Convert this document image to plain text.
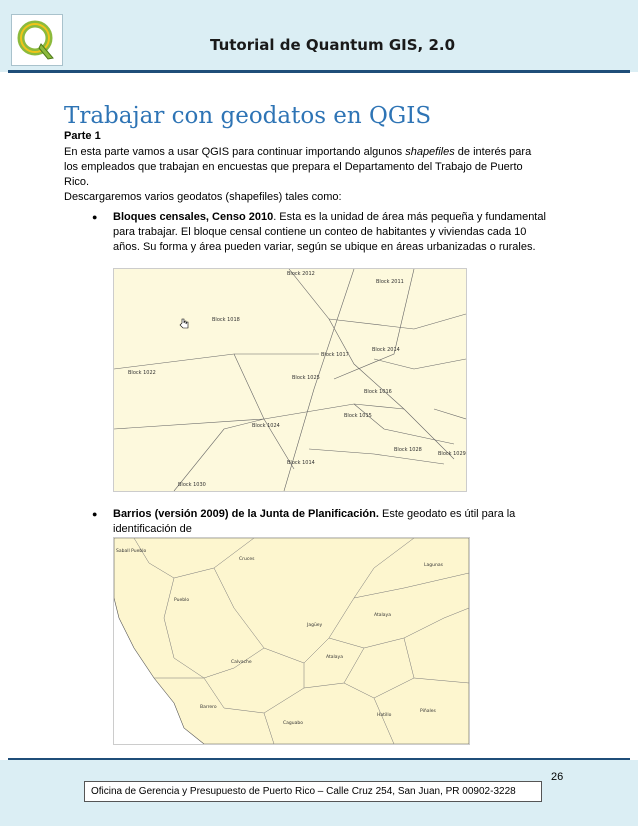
Tutorial de Quantum GIS, 2.0
Trabajar con geodatos en QGIS
Parte 1
En esta parte vamos a usar QGIS para continuar importando algunos shapefiles de interés para
los empleados que trabajan en encuestas que prepara el Departamento del Trabajo de Puerto
Rico.
Descargaremos varios geodatos (shapefiles) tales como:
● Bloques censales, Censo 2010. Esta es la unidad de área más pequeña y fundamental
para trabajar. El bloque censal contiene un conteo de habitantes y viviendas cada 10
años. Su forma y área pueden variar, según se ubique en áreas urbanizadas o rurales.
Block 2012
Block 2011
Block 1018
Block 1017
Block 2014
Block 1022
Block 1025
Block 1016
Block 1015
Block 1024
Block 1028
Block 1029
Block 1014
Block 1030
● Barrios (versión 2009) de la Junta de Planificación. Este geodato es útil para la identificación de
Saball Pueblo
Cruces
Lagunas
Pueblo
Atalaya
Jagüey
Calvache
Atalaya
Barrero
Caguabo
Hatillo
Piñales
26
Oficina de Gerencia y Presupuesto de Puerto Rico – Calle Cruz 254, San Juan, PR 00902-3228
